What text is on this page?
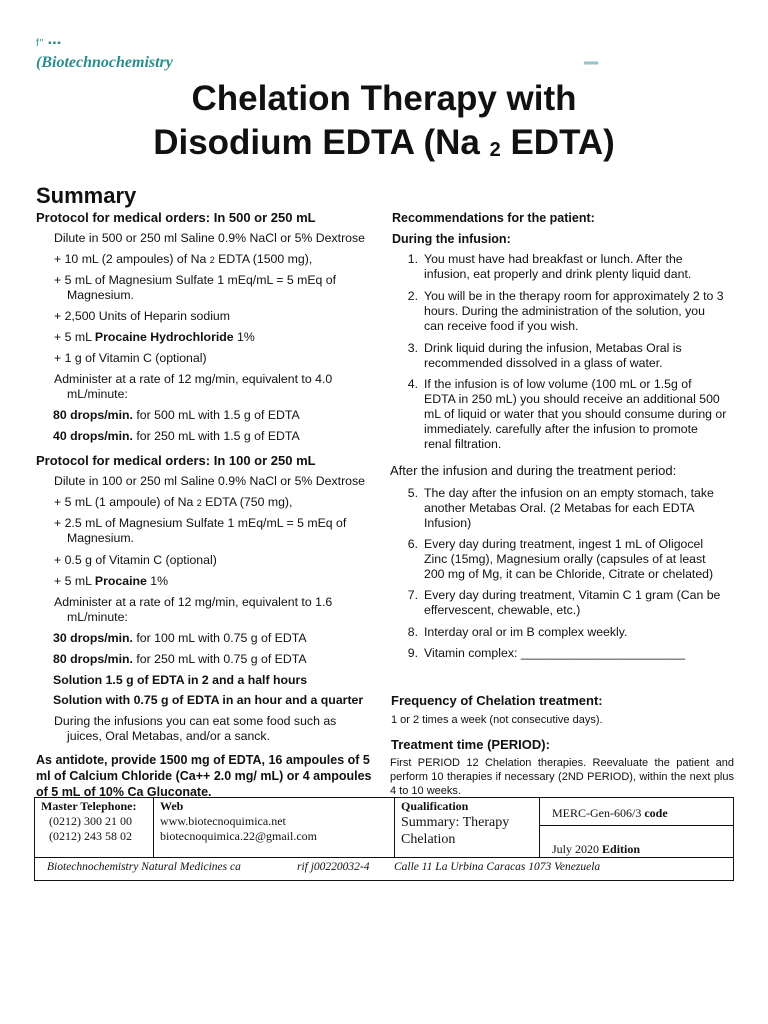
f" ▪▪▪
(Biotechnochemistry	══
Chelation Therapy with
Disodium EDTA (Na 2 EDTA)
Summary
Protocol for medical orders: In 500 or 250 mL
Dilute in 500 or 250 ml Saline 0.9% NaCl or 5% Dextrose
+ 10 mL (2 ampoules) of Na 2 EDTA (1500 mg),
+ 5 mL of Magnesium Sulfate 1 mEq/mL = 5 mEq of
Magnesium.
+ 2,500 Units of Heparin sodium
+ 5 mL Procaine Hydrochloride 1%
+ 1 g of Vitamin C (optional)
Administer at a rate of 12 mg/min, equivalent to 4.0
mL/minute:
80 drops/min. for 500 mL with 1.5 g of EDTA
40 drops/min. for 250 mL with 1.5 g of EDTA
Protocol for medical orders: In 100 or 250 mL
Dilute in 100 or 250 ml Saline 0.9% NaCl or 5% Dextrose
+ 5 mL (1 ampoule) of Na 2 EDTA (750 mg),
+ 2.5 mL of Magnesium Sulfate 1 mEq/mL = 5 mEq of
Magnesium.
+ 0.5 g of Vitamin C (optional)
+ 5 mL Procaine 1%
Administer at a rate of 12 mg/min, equivalent to 1.6
mL/minute:
30 drops/min. for 100 mL with 0.75 g of EDTA
80 drops/min. for 250 mL with 0.75 g of EDTA
Solution 1.5 g of EDTA in 2 and a half hours
Solution with 0.75 g of EDTA in an hour and a quarter
During the infusions you can eat some food such as
juices, Oral Metabas, and/or a sanck.
As antidote, provide 1500 mg of EDTA, 16 ampoules of 5
ml of Calcium Chloride (Ca++ 2.0 mg/ mL) or 4 ampoules
of 5 mL of 10% Ca Gluconate.
Recommendations for the patient:
During the infusion:
1. You must have had breakfast or lunch. After the
infusion, eat properly and drink plenty liquid dant.
2. You will be in the therapy room for approximately 2 to 3
hours. During the administration of the solution, you
can receive food if you wish.
3. Drink liquid during the infusion, Metabas Oral is
recommended dissolved in a glass of water.
4. If the infusion is of low volume (100 mL or 1.5g of
EDTA in 250 mL) you should receive an additional 500
mL of liquid or water that you should consume during or
immediately. carefully after the infusion to promote
renal filtration.
After the infusion and during the treatment period:
5. The day after the infusion on an empty stomach, take
another Metabas Oral. (2 Metabas for each EDTA
Infusion)
6. Every day during treatment, ingest 1 mL of Oligocel
Zinc (15mg), Magnesium orally (capsules of at least
200 mg of Mg, it can be Chloride, Citrate or chelated)
7. Every day during treatment, Vitamin C 1 gram (Can be
effervescent, chewable, etc.)
8. Interday oral or im B complex weekly.
9. Vitamin complex: ________________________
Frequency of Chelation treatment:
1 or 2 times a week (not consecutive days).
Treatment time (PERIOD):
First PERIOD 12 Chelation therapies. Reevaluate the patient and perform 10 therapies if necessary (2ND PERIOD), within the next plus 4 to 10 weeks.
Master Telephone:
(0212) 300 21 00
(0212) 243 58 02

Web
www.biotecnoquimica.net
biotecnoquimica.22@gmail.com

Qualification
Summary: Therapy Chelation

MERC-Gen-606/3 code
July 2020 Edition
Biotechnochemistry Natural Medicines ca	rif j00220032-4 Calle 11 La Urbina Caracas 1073 Venezuela
